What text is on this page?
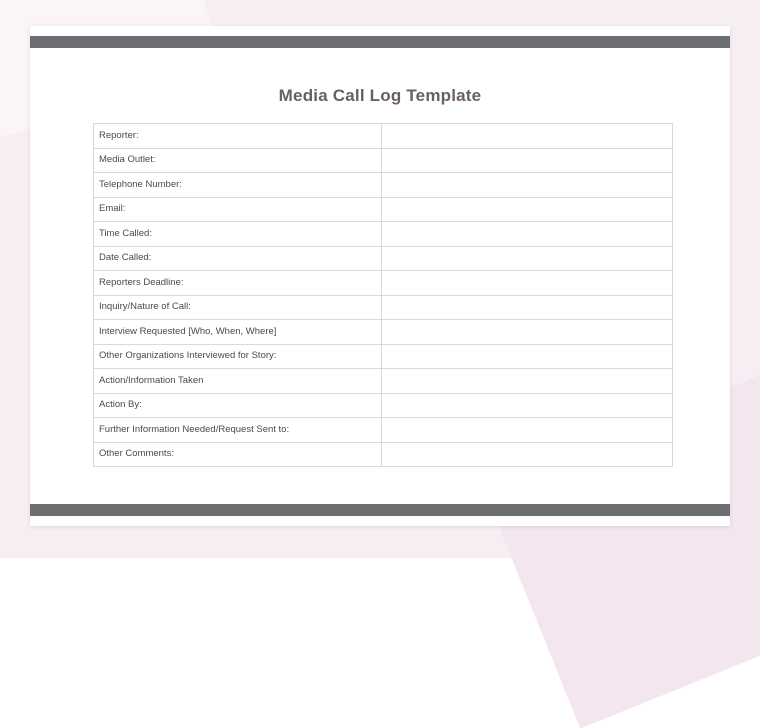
Media Call Log Template
Reporter:	
Media Outlet:	
Telephone Number:	
Email:	
Time Called:	
Date Called:	
Reporters Deadline:	
Inquiry/Nature of Call:	
Interview Requested [Who, When, Where]	
Other Organizations Interviewed for Story:	
Action/Information Taken	
Action By:	
Further Information Needed/Request Sent to:	
Other Comments:	
